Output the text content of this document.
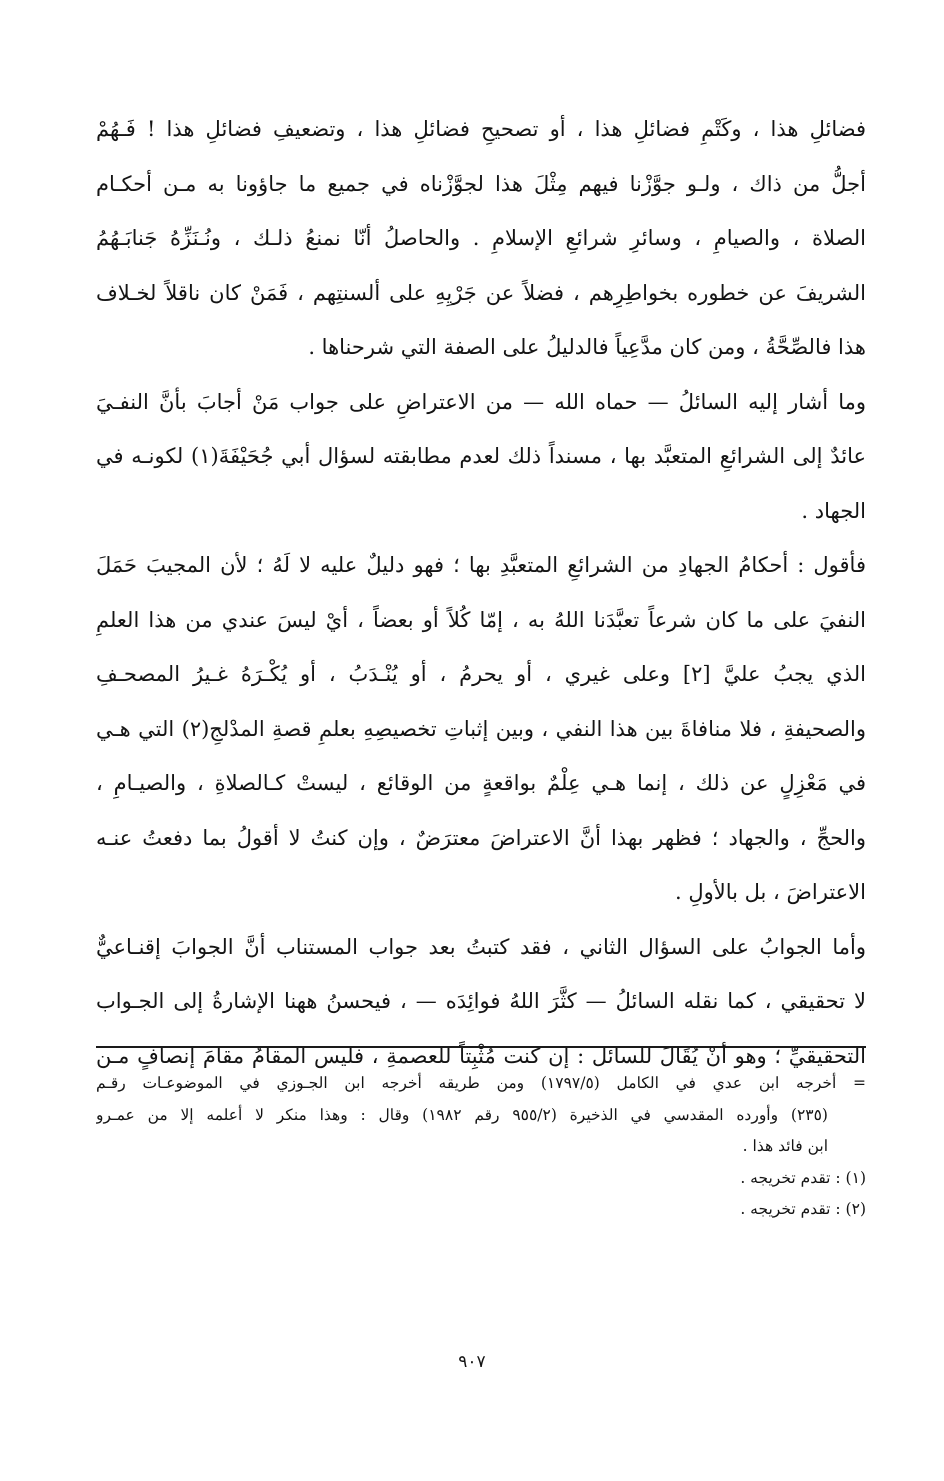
فضائلِ هذا ، وكَتْمِ فضائلِ هذا ، أو تصحيحِ فضائلِ هذا ، وتضعيفِ فضائلِ هذا ! فَـهُمْ
أجلُّ من ذاك ، ولـو جوَّزْنا فيهم مِثْلَ هذا لجوَّزْناه في جميع ما جاؤونا به مـن أحكـام
الصلاة ، والصيامِ ، وسائرِ شرائعِ الإسلامِ . والحاصلُ أنّا نمنعُ ذلـك ، ونُـنَزِّهُ جَنابَـهُمُ
الشريفَ عن خطوره بخواطِرِهم ، فضلاً عن جَرْيِهِ على ألسنتِهم ، فَمَنْ كان ناقلاً لخـلاف
هذا فالصِّحَّةُ ، ومن كان مدَّعِياً فالدليلُ على الصفة التي شرحناها .
وما أشار إليه السائلُ — حماه الله — من الاعتراضِ على جواب مَنْ أجابَ بأنَّ النفـيَ
عائدٌ إلى الشرائعِ المتعبَّد بها ، مسنداً ذلك لعدم مطابقته لسؤال أبي جُحَيْفَةَ(١) لكونـه في
الجهاد .
فأقول : أحكامُ الجهادِ من الشرائعِ المتعبَّدِ بها ؛ فهو دليلٌ عليه لا لَهُ ؛ لأن المجيبَ حَمَلَ
النفيَ على ما كان شرعاً تعبَّدَنا اللهُ به ، إمّا كُلاً أو بعضاً ، أيْ ليسَ عندي من هذا العلمِ
الذي يجبُ عليَّ [٢] وعلى غيري ، أو يحرمُ ، أو يُنْـدَبُ ، أو يُكْـرَهُ غـيرُ المصحـفِ
والصحيفةِ ، فلا منافاةَ بين هذا النفي ، وبين إثباتِ تخصيصِهِ بعلمِ قصةِ المدْلجِ(٢) التي هـي
في مَعْزِلٍ عن ذلك ، إنما هـي عِلْمٌ بواقعةٍ من الوقائع ، ليستْ كـالصلاةِ ، والصيـامِ ،
والحجِّ ، والجهاد ؛ فظهر بهذا أنَّ الاعتراضَ معترَضٌ ، وإن كنتُ لا أقولُ بما دفعتُ عنـه
الاعتراضَ ، بل بالأولِ .
وأما الجوابُ على السؤال الثاني ، فقد كتبتُ بعد جواب المستناب أنَّ الجوابَ إقنـاعيٌّ
لا تحقيقي ، كما نقله السائلُ — كثَّرَ اللهُ فوائِدَه — ، فيحسنُ ههنا الإشارةُ إلى الجـواب
التحقيقيِّ ؛ وهو أنْ يُقَالَ للسائل : إن كنت مُثْبِتاً للعصمةِ ، فليس المقامُ مقامَ إنصافٍ مـن
= أخرجه ابن عدي في الكامل (١٧٩٧/٥) ومن طريقه أخرجه ابن الجـوزي في الموضوعـات رقـم
(٢٣٥) وأورده المقدسي في الذخيرة (٩٥٥/٢ رقم ١٩٨٢) وقال : وهذا منكر لا أعلمه إلا من عمـرو
ابن فائد هذا .
(١) : تقدم تخريجه .
(٢) : تقدم تخريجه .
٩٠٧
